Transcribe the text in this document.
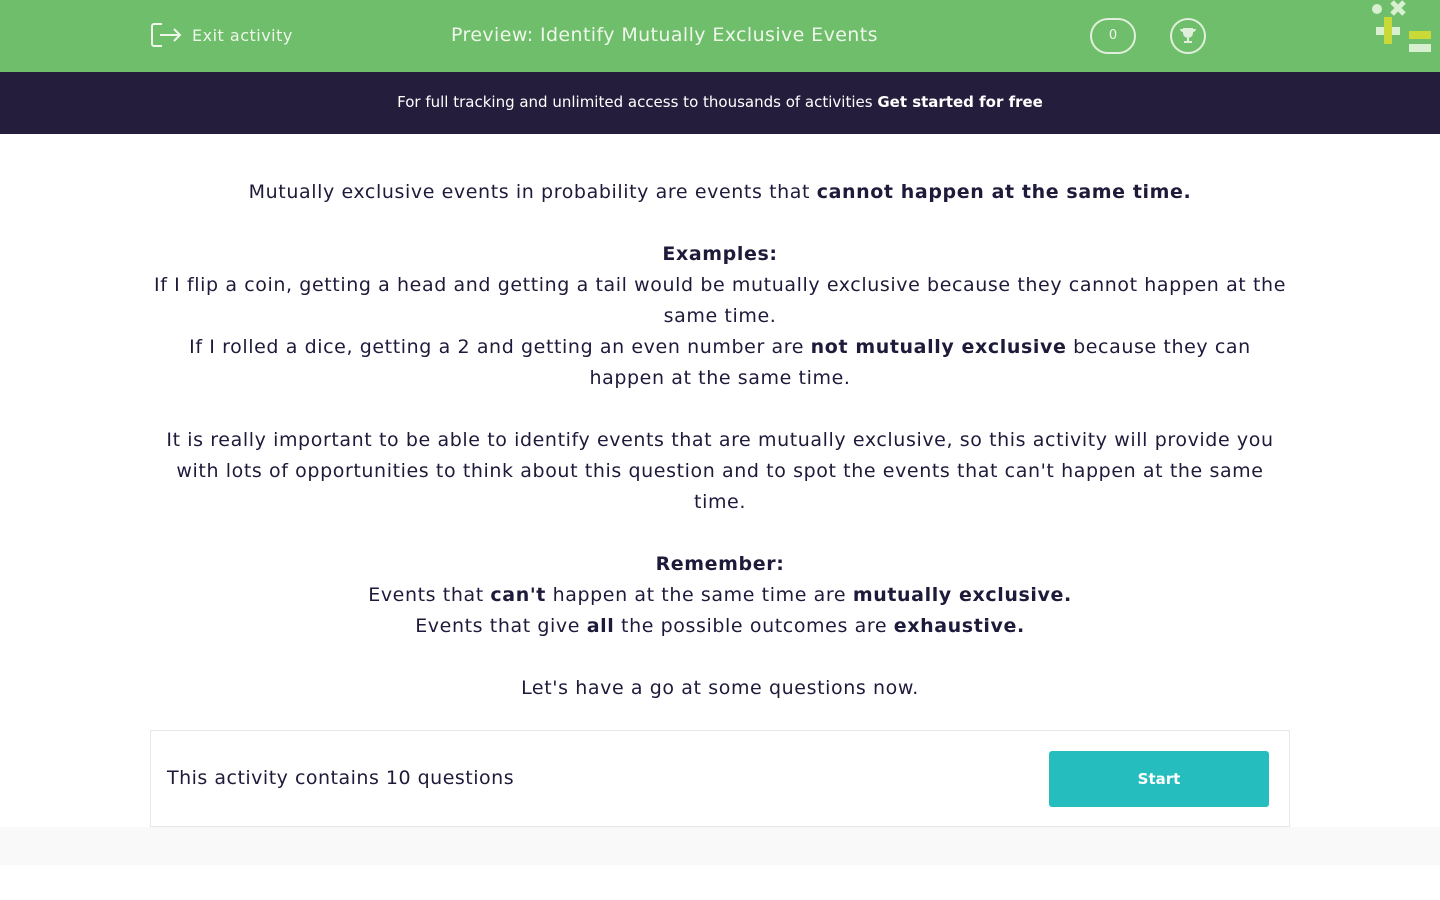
Exit activity	Preview: Identify Mutually Exclusive Events	0
For full tracking and unlimited access to thousands of activities Get started for free

Mutually exclusive events in probability are events that cannot happen at the same time.

Examples:

If I flip a coin, getting a head and getting a tail would be mutually exclusive because they cannot happen at the same time.

If I rolled a dice, getting a 2 and getting an even number are not mutually exclusive because they can happen at the same time.

It is really important to be able to identify events that are mutually exclusive, so this activity will provide you with lots of opportunities to think about this question and to spot the events that can't happen at the same time.

Remember:

Events that can't happen at the same time are mutually exclusive.

Events that give all the possible outcomes are exhaustive.

Let's have a go at some questions now.

This activity contains 10 questions	Start
